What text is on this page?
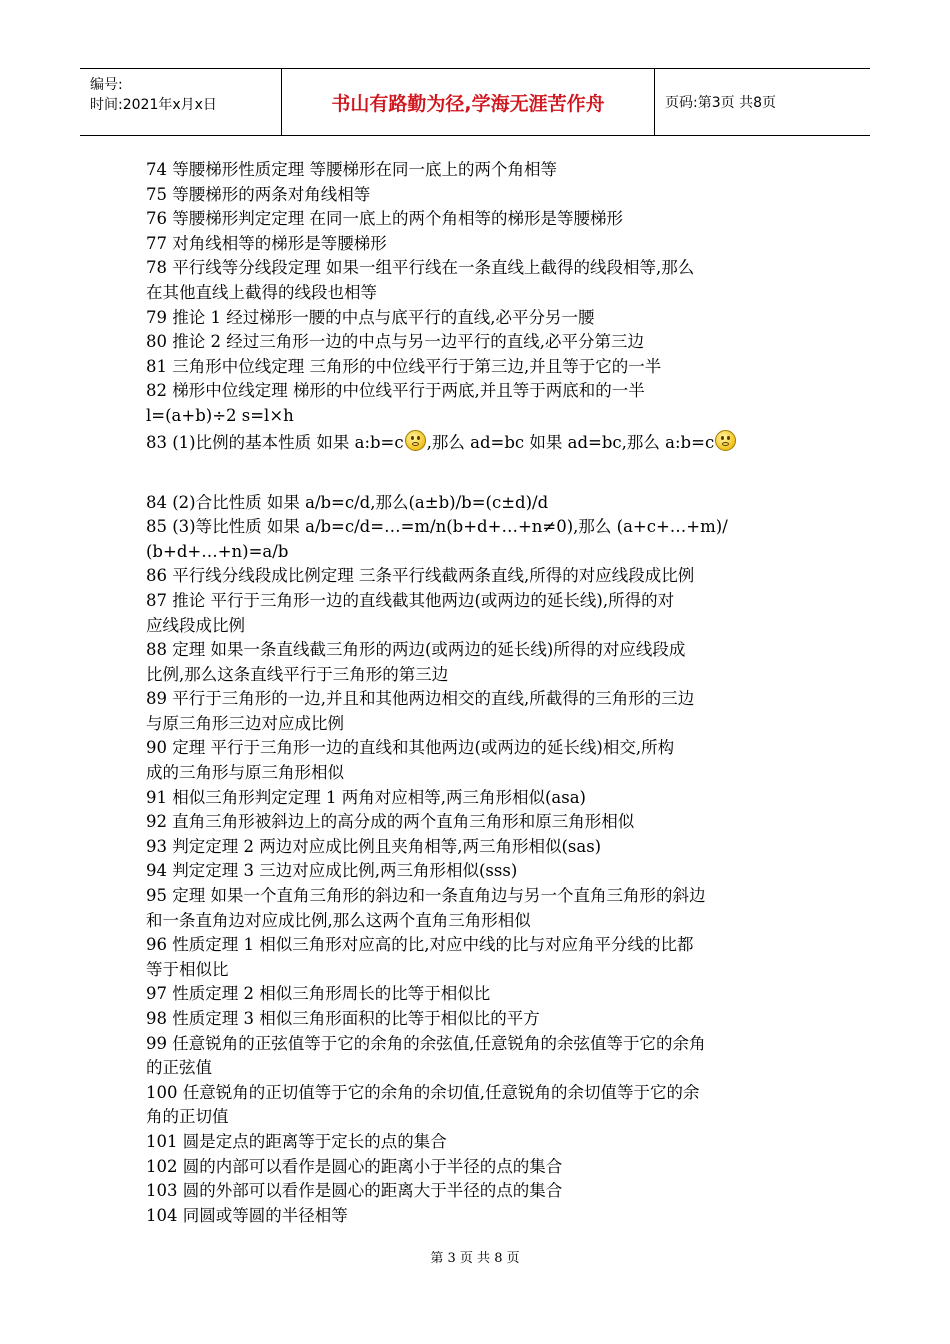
编号:
时间:2021年x月x日	书山有路勤为径,学海无涯苦作舟	页码:第3页 共8页
74 等腰梯形性质定理 等腰梯形在同一底上的两个角相等
75 等腰梯形的两条对角线相等
76 等腰梯形判定定理 在同一底上的两个角相等的梯形是等腰梯形
77 对角线相等的梯形是等腰梯形
78 平行线等分线段定理 如果一组平行线在一条直线上截得的线段相等,那么
在其他直线上截得的线段也相等
79 推论 1 经过梯形一腰的中点与底平行的直线,必平分另一腰
80 推论 2 经过三角形一边的中点与另一边平行的直线,必平分第三边
81 三角形中位线定理 三角形的中位线平行于第三边,并且等于它的一半
82 梯形中位线定理 梯形的中位线平行于两底,并且等于两底和的一半
l=(a+b)÷2 s=l×h
83 (1)比例的基本性质 如果 a:b=c ,那么 ad=bc 如果 ad=bc,那么 a:b=c
84 (2)合比性质 如果 a/b=c/d,那么(a±b)/b=(c±d)/d
85 (3)等比性质 如果 a/b=c/d=…=m/n(b+d+…+n≠0),那么 (a+c+…+m)/
(b+d+…+n)=a/b
86 平行线分线段成比例定理 三条平行线截两条直线,所得的对应线段成比例
87 推论 平行于三角形一边的直线截其他两边(或两边的延长线),所得的对
应线段成比例
88 定理 如果一条直线截三角形的两边(或两边的延长线)所得的对应线段成
比例,那么这条直线平行于三角形的第三边
89 平行于三角形的一边,并且和其他两边相交的直线,所截得的三角形的三边
与原三角形三边对应成比例
90 定理 平行于三角形一边的直线和其他两边(或两边的延长线)相交,所构
成的三角形与原三角形相似
91 相似三角形判定定理 1 两角对应相等,两三角形相似(asa)
92 直角三角形被斜边上的高分成的两个直角三角形和原三角形相似
93 判定定理 2 两边对应成比例且夹角相等,两三角形相似(sas)
94 判定定理 3 三边对应成比例,两三角形相似(sss)
95 定理 如果一个直角三角形的斜边和一条直角边与另一个直角三角形的斜边
和一条直角边对应成比例,那么这两个直角三角形相似
96 性质定理 1 相似三角形对应高的比,对应中线的比与对应角平分线的比都
等于相似比
97 性质定理 2 相似三角形周长的比等于相似比
98 性质定理 3 相似三角形面积的比等于相似比的平方
99 任意锐角的正弦值等于它的余角的余弦值,任意锐角的余弦值等于它的余角
的正弦值
100 任意锐角的正切值等于它的余角的余切值,任意锐角的余切值等于它的余
角的正切值
101 圆是定点的距离等于定长的点的集合
102 圆的内部可以看作是圆心的距离小于半径的点的集合
103 圆的外部可以看作是圆心的距离大于半径的点的集合
104 同圆或等圆的半径相等
第 3 页 共 8 页
